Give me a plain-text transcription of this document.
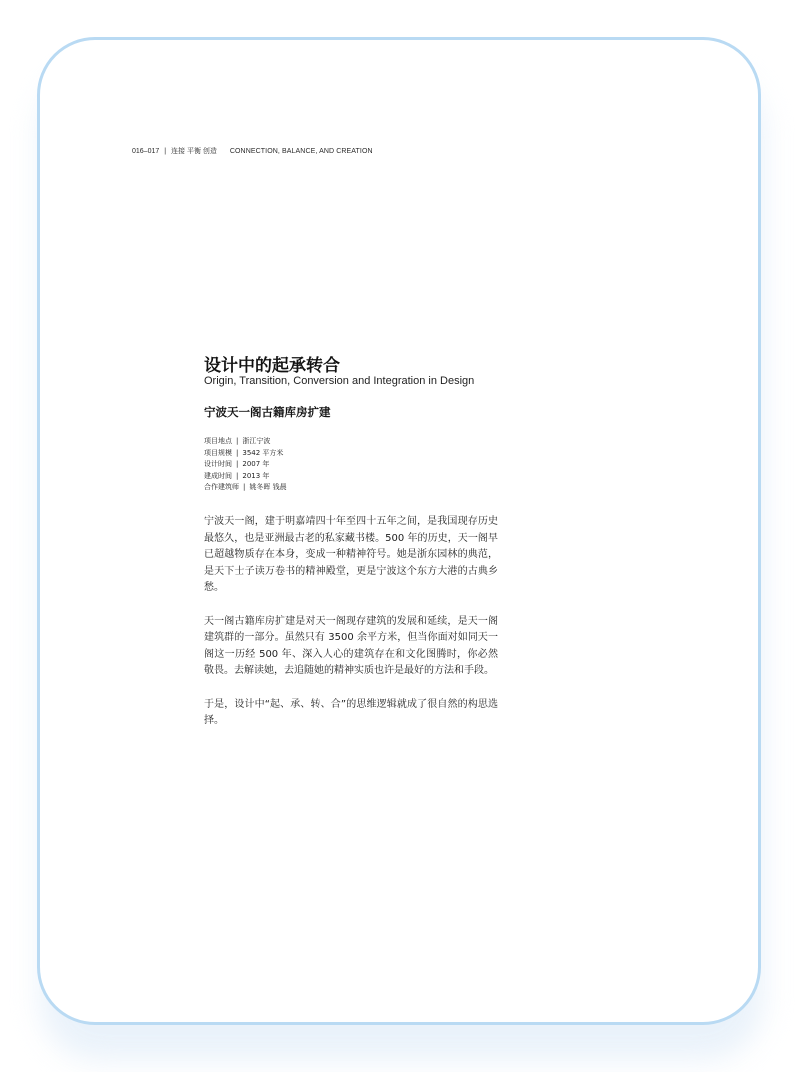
016–017 | 连接 平衡 创造 CONNECTION, BALANCE, AND CREATION
设计中的起承转合
Origin, Transition, Conversion and Integration in Design
宁波天一阁古籍库房扩建
项目地点 | 浙江宁波
项目规模 | 3542 平方米
设计时间 | 2007 年
建成时间 | 2013 年
合作建筑师 | 姚冬晖 钱晨

宁波天一阁，建于明嘉靖四十年至四十五年之间，是我国现存历史最悠久，也是亚洲最古老的私家藏书楼。500 年的历史，天一阁早已超越物质存在本身，变成一种精神符号。她是浙东园林的典范，是天下士子读万卷书的精神殿堂，更是宁波这个东方大港的古典乡愁。

天一阁古籍库房扩建是对天一阁现存建筑的发展和延续，是天一阁建筑群的一部分。虽然只有 3500 余平方米，但当你面对如同天一阁这一历经 500 年、深入人心的建筑存在和文化图腾时，你必然敬畏。去解读她，去追随她的精神实质也许是最好的方法和手段。

于是，设计中“起、承、转、合”的思维逻辑就成了很自然的构思选择。
